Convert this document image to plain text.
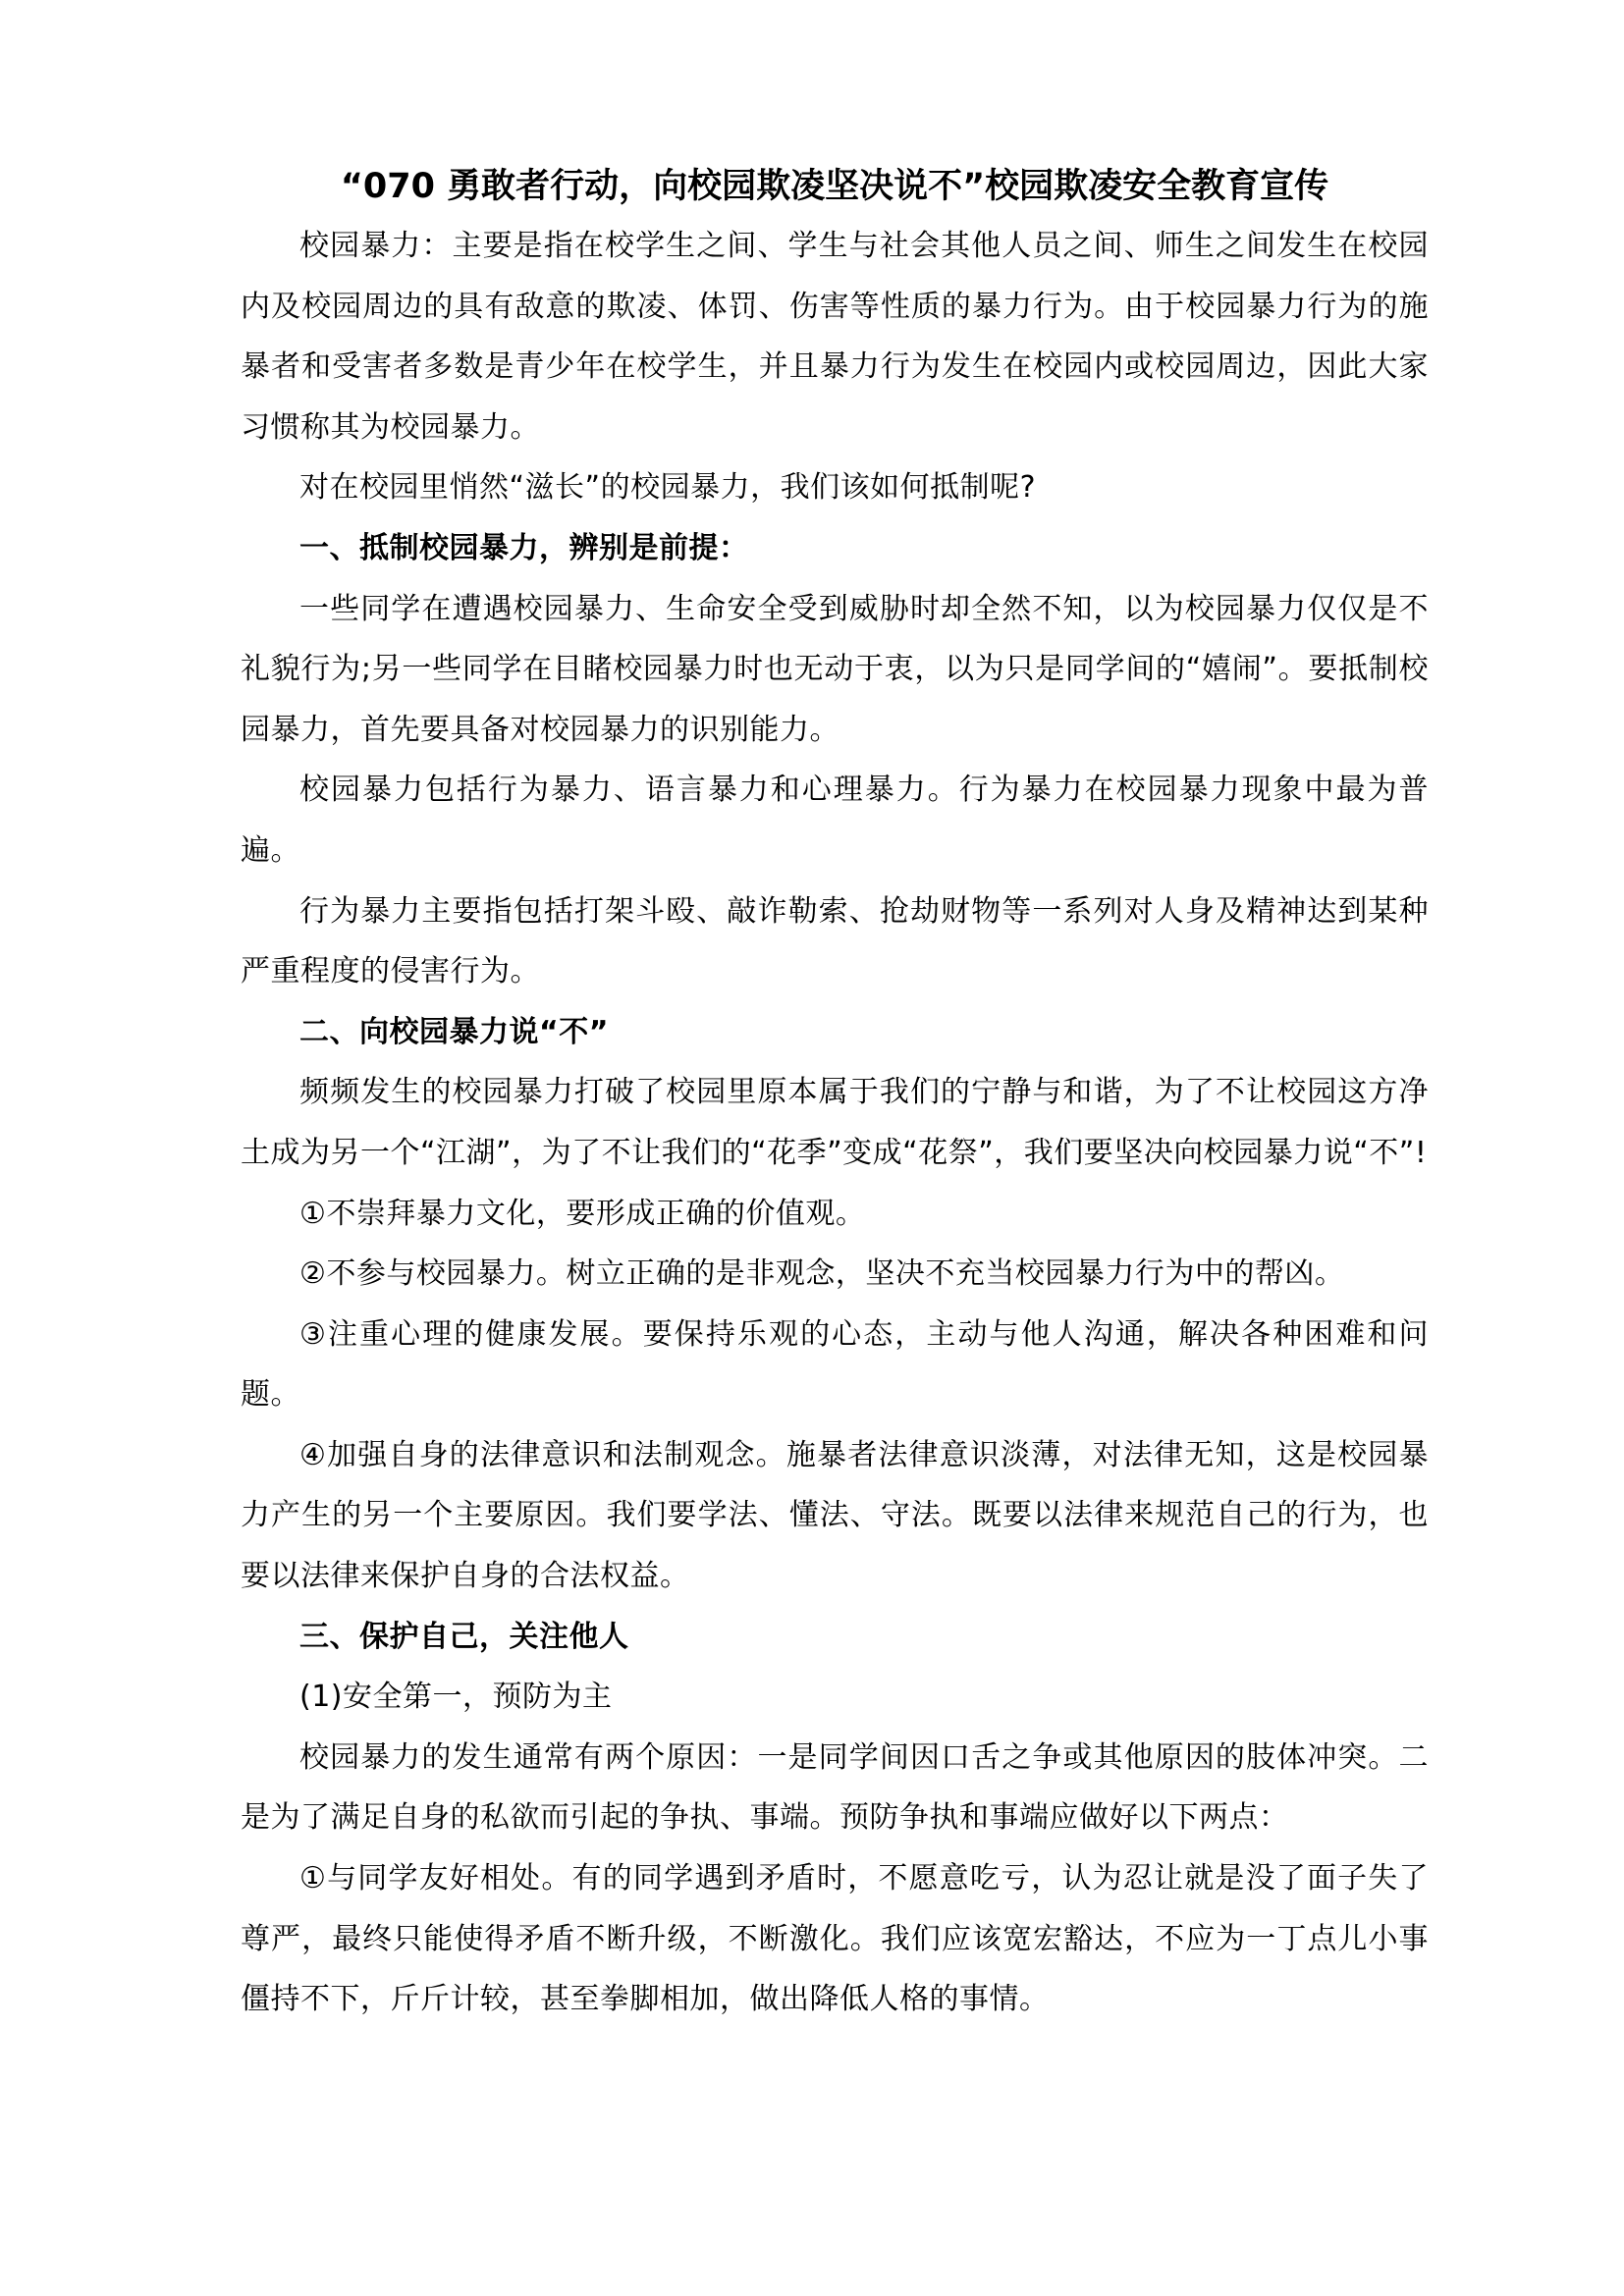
“070 勇敢者行动，向校园欺凌坚决说不”校园欺凌安全教育宣传

校园暴力：主要是指在校学生之间、学生与社会其他人员之间、师生之间发生在校园内及校园周边的具有敌意的欺凌、体罚、伤害等性质的暴力行为。由于校园暴力行为的施暴者和受害者多数是青少年在校学生，并且暴力行为发生在校园内或校园周边，因此大家习惯称其为校园暴力。

对在校园里悄然“滋长”的校园暴力，我们该如何抵制呢?

一、抵制校园暴力，辨别是前提：

一些同学在遭遇校园暴力、生命安全受到威胁时却全然不知，以为校园暴力仅仅是不礼貌行为;另一些同学在目睹校园暴力时也无动于衷，以为只是同学间的“嬉闹”。要抵制校园暴力，首先要具备对校园暴力的识别能力。

校园暴力包括行为暴力、语言暴力和心理暴力。行为暴力在校园暴力现象中最为普遍。

行为暴力主要指包括打架斗殴、敲诈勒索、抢劫财物等一系列对人身及精神达到某种严重程度的侵害行为。

二、向校园暴力说“不”

频频发生的校园暴力打破了校园里原本属于我们的宁静与和谐，为了不让校园这方净土成为另一个“江湖”，为了不让我们的“花季”变成“花祭”，我们要坚决向校园暴力说“不”!

①不崇拜暴力文化，要形成正确的价值观。

②不参与校园暴力。树立正确的是非观念，坚决不充当校园暴力行为中的帮凶。

③注重心理的健康发展。要保持乐观的心态，主动与他人沟通，解决各种困难和问题。

④加强自身的法律意识和法制观念。施暴者法律意识淡薄，对法律无知，这是校园暴力产生的另一个主要原因。我们要学法、懂法、守法。既要以法律来规范自己的行为，也要以法律来保护自身的合法权益。

三、保护自己，关注他人

(1)安全第一，预防为主

校园暴力的发生通常有两个原因：一是同学间因口舌之争或其他原因的肢体冲突。二是为了满足自身的私欲而引起的争执、事端。预防争执和事端应做好以下两点：

①与同学友好相处。有的同学遇到矛盾时，不愿意吃亏，认为忍让就是没了面子失了尊严，最终只能使得矛盾不断升级，不断激化。我们应该宽宏豁达，不应为一丁点儿小事僵持不下，斤斤计较，甚至拳脚相加，做出降低人格的事情。
